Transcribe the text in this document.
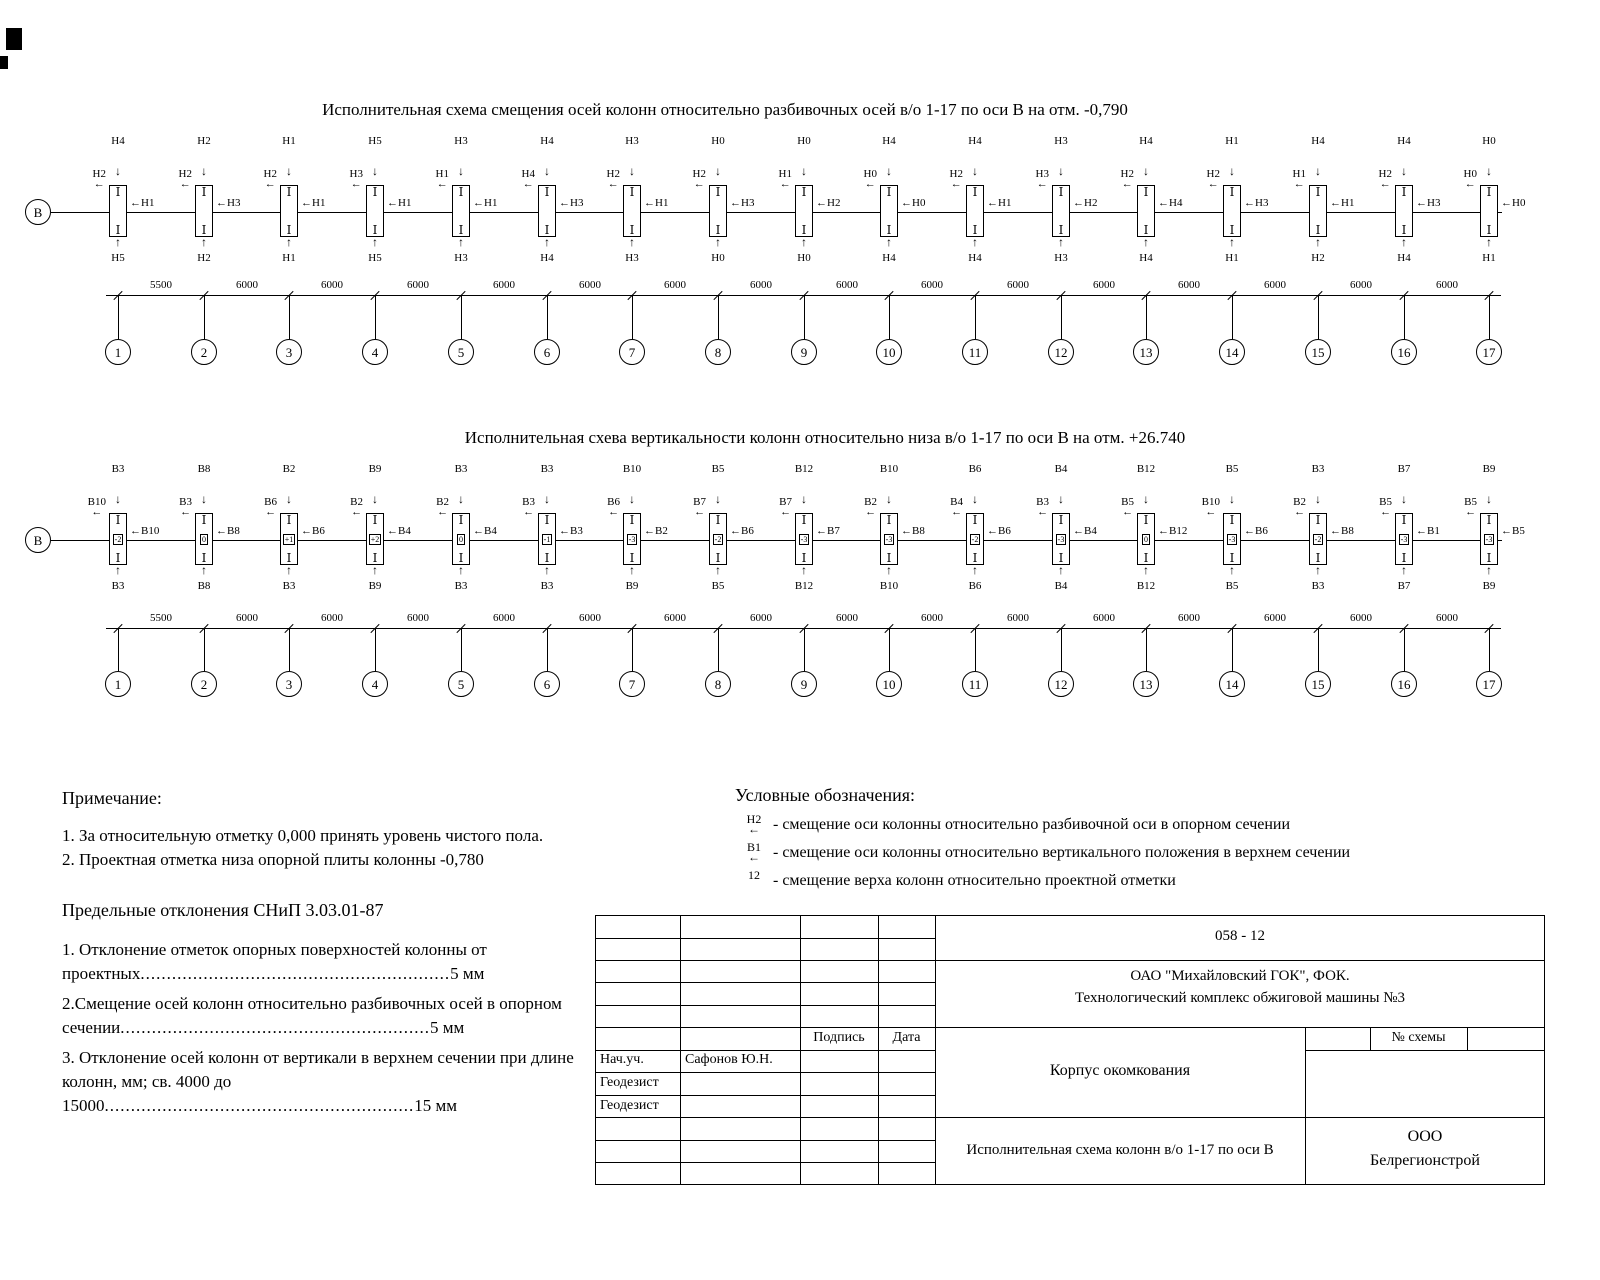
Исполнительная схема смещения осей колонн относительно разбивочных осей в/о 1-17 по оси В на отм. -0,790
Исполнительная схева вертикальности колонн относительно низа в/о 1-17 по оси В на отм. +26.740
В
Н4
↓
Н2
←
I
I
←Н1
↑
Н5
Н2
↓
Н2
←
I
I
←Н3
↑
Н2
Н1
↓
Н2
←
I
I
←Н1
↑
Н1
Н5
↓
Н3
←
I
I
←Н1
↑
Н5
Н3
↓
Н1
←
I
I
←Н1
↑
Н3
Н4
↓
Н4
←
I
I
←Н3
↑
Н4
Н3
↓
Н2
←
I
I
←Н1
↑
Н3
Н0
↓
Н2
←
I
I
←Н3
↑
Н0
Н0
↓
Н1
←
I
I
←Н2
↑
Н0
Н4
↓
Н0
←
I
I
←Н0
↑
Н4
Н4
↓
Н2
←
I
I
←Н1
↑
Н4
Н3
↓
Н3
←
I
I
←Н2
↑
Н3
Н4
↓
Н2
←
I
I
←Н4
↑
Н4
Н1
↓
Н2
←
I
I
←Н3
↑
Н1
Н4
↓
Н1
←
I
I
←Н1
↑
Н2
Н4
↓
Н2
←
I
I
←Н3
↑
Н4
Н0
↓
Н0
←
I
I
←Н0
↑
Н1
1
5500
2
6000
3
6000
4
6000
5
6000
6
6000
7
6000
8
6000
9
6000
10
6000
11
6000
12
6000
13
6000
14
6000
15
6000
16
6000
17
В
В3
↓
В10
←
I
-2
I
←В10
↑
В3
В8
↓
В3
←
I
0
I
←В8
↑
В8
В2
↓
В6
←
I
+1
I
←В6
↑
В3
В9
↓
В2
←
I
+2
I
←В4
↑
В9
В3
↓
В2
←
I
0
I
←В4
↑
В3
В3
↓
В3
←
I
-1
I
←В3
↑
В3
В10
↓
В6
←
I
-3
I
←В2
↑
В9
В5
↓
В7
←
I
-2
I
←В6
↑
В5
В12
↓
В7
←
I
-3
I
←В7
↑
В12
В10
↓
В2
←
I
-3
I
←В8
↑
В10
В6
↓
В4
←
I
-2
I
←В6
↑
В6
В4
↓
В3
←
I
-3
I
←В4
↑
В4
В12
↓
В5
←
I
0
I
←В12
↑
В12
В5
↓
В10
←
I
-3
I
←В6
↑
В5
В3
↓
В2
←
I
-2
I
←В8
↑
В3
В7
↓
В5
←
I
-3
I
←В1
↑
В7
В9
↓
В5
←
I
-3
I
←В5
↑
В9
1
5500
2
6000
3
6000
4
6000
5
6000
6
6000
7
6000
8
6000
9
6000
10
6000
11
6000
12
6000
13
6000
14
6000
15
6000
16
6000
17
Примечание:
1. За относительную отметку 0,000 принять уровень чистого пола.
2. Проектная отметка низа опорной плиты колонны -0,780
Предельные отклонения СНиП 3.03.01-87
1. Отклонение отметок опорных поверхностей колонны от проектных .....	5 мм
2.Смещение осей колонн относительно разбивочных осей в опорном сечении .....	5 мм
3. Отклонение осей колонн от вертикали в верхнем сечении при длине колонн, мм; св. 4000 до 15000 .....	15 мм
Условные обозначения:
Н2
← - смещение оси колонны относительно разбивочной оси в опорном сечении
В1
← - смещение оси колонны относительно вертикального положения в верхнем сечении
12 - смещение верха колонн относительно проектной отметки
058 - 12
ОАО "Михайловский ГОК", ФОК.
Технологический комплекс обжиговой машины №3
Подпись	Дата
Нач.уч.	Сафонов Ю.Н.
Геодезист
Геодезист
Корпус окомкования
№ схемы
Исполнительная схема колонн в/о 1-17 по оси В
ООО
Белрегионстрой
